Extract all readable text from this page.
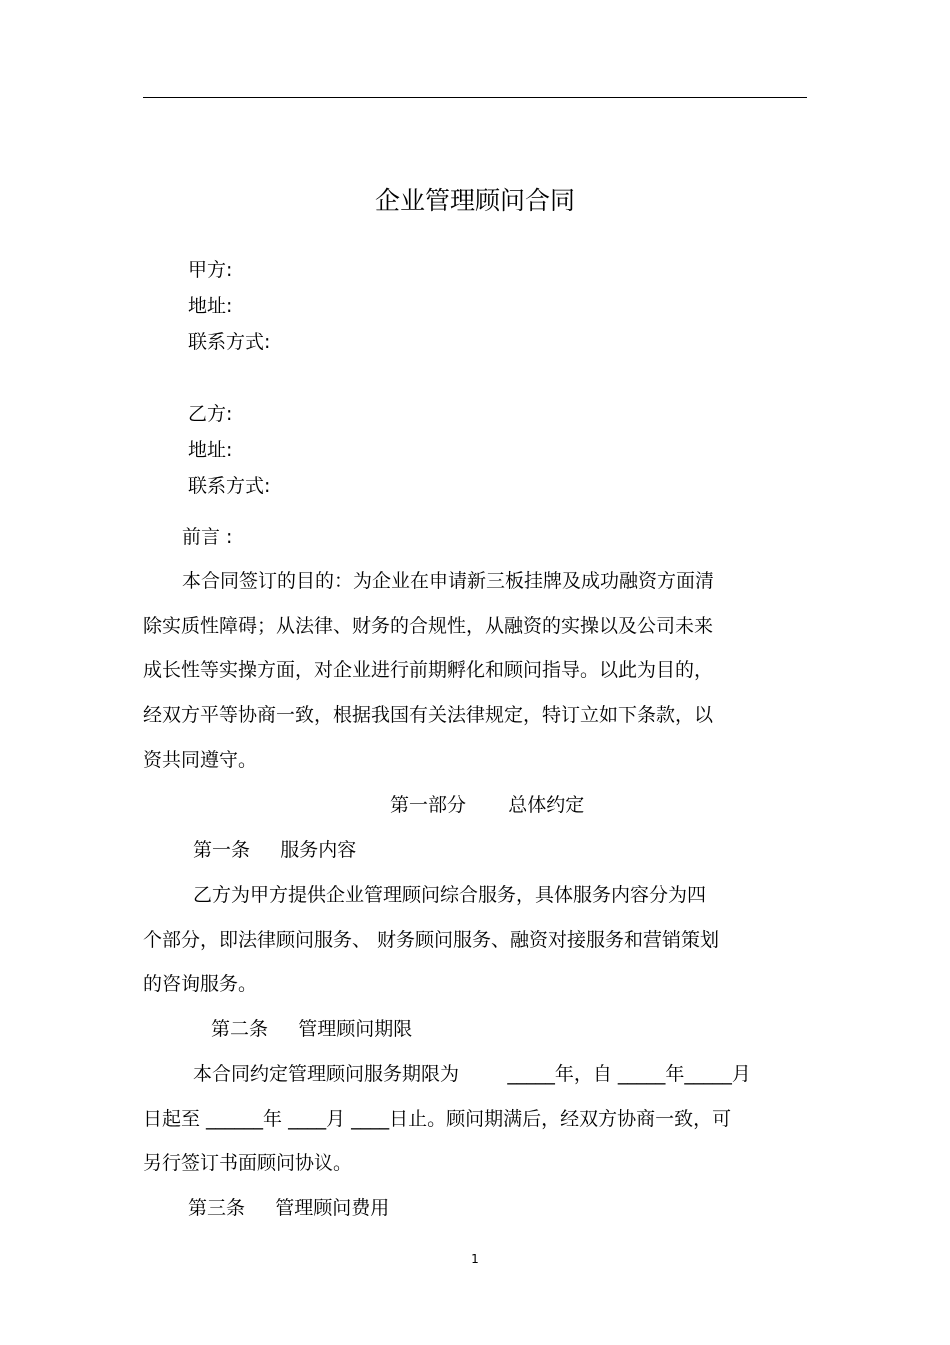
企业管理顾问合同
甲方:
地址:
联系方式:
乙方:
地址:
联系方式:
前言 :
本合同签订的目的：为企业在申请新三板挂牌及成功融资方面清
除实质性障碍；从法律、财务的合规性，从融资的实操以及公司未来
成长性等实操方面，对企业进行前期孵化和顾问指导。以此为目的，
经双方平等协商一致，根据我国有关法律规定，特订立如下条款，以
资共同遵守。
第一部分       总体约定
第一条     服务内容
乙方为甲方提供企业管理顾问综合服务，具体服务内容分为四
个部分，即法律顾问服务、 财务顾问服务、融资对接服务和营销策划
的咨询服务。
第二条     管理顾问期限
本合同约定管理顾问服务期限为        _____年，自 _____年_____月
日起至 ______年 ____月 ____日止。顾问期满后，经双方协商一致，可
另行签订书面顾问协议。
第三条     管理顾问费用
1
